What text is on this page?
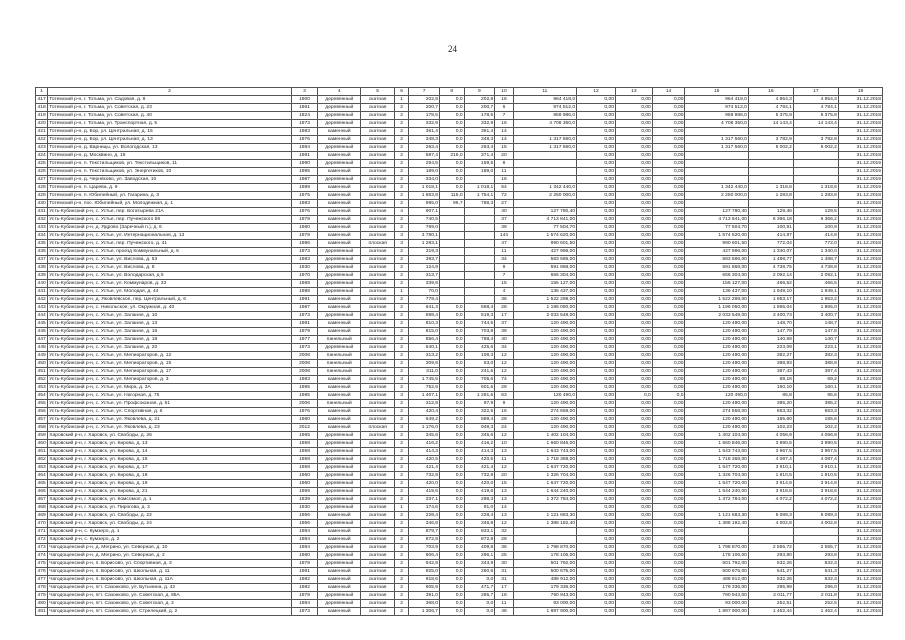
24
1	2	3	4	5	6	7	8	9	10	11	12	13	14	15	16	17	18
417	Тотемский р-н, г. Тотьма, ул. Садовая, д. 8	1900	деревянный	скатная	1	202,8	0,0	202,8	16	964 418,0	0,00	0,00	0,00	964 418,0	4 854,3	4 854,3	31.12.2018
418	Тотемский р-н, г. Тотьма, ул. Советская, д. 23	1861	деревянный	скатная	2	200,7	0,0	200,7	6	974 512,0	0,00	0,00	0,00	974 512,0	4 784,1	4 784,1	31.12.2018
419	Тотемский р-н, г. Тотьма, ул. Советская, д. 40	1824	деревянный	скатная	2	178,5	0,0	178,5	7	959 986,0	0,00	0,00	0,00	959 986,0	5 375,9	5 375,9	31.12.2018
420	Тотемский р-н, г. Тотьма, ул. Транспортная, д. 5	1973	деревянный	скатная	2	332,9	0,0	332,9	16	4 708 350,0	0,00	0,00	0,00	4 708 350,0	14 143,4	14 143,4	31.12.2018
421	Тотемский р-н, д. Бор, ул. Центральная, д. 15	1983	каменный	скатная	2	361,4	0,0	361,4	14		0,00	0,00	0,00				31.12.2018
422	Тотемский р-н, д. Бор, ул. Центральная, д. 13	1976	каменный	скатная	2	348,3	0,0	348,3	14	1 317 560,0	0,00	0,00	0,00	1 317 560,0	3 782,9	3 782,9	31.12.2018
423	Тотемский р-н, д. Варницы, ул. Вологодская, 13	1984	деревянный	скатная	2	263,4	0,0	263,4	15	1 317 560,0	0,00	0,00	0,00	1 317 560,0	5 002,2	5 002,2	31.12.2018
424	Тотемский р-н, д. Москвино, д. 18	1981	каменный	скатная	2	587,4	216,0	371,4	20		0,00	0,00	0,00				31.12.2018
425	Тотемский р-н, п. Текстильщиков, ул. Текстильщиков, 11	1990	деревянный	скатная	2	294,5	0,0	159,5	8		0,00	0,00	0,00				31.12.2019
426	Тотемский р-н, п. Текстильщиков, ул. Энергетиков, 10	1995	каменный	скатная	2	189,0	0,0	189,0	11		0,00	0,00	0,00				31.12.2019
427	Тотемский р-н, д. Черняково, ул. Заводская, 10	1987	деревянный	скатная	2	334,0	0,0		16		0,00	0,00	0,00				31.12.2019
428	Тотемский р-н, п. Царева, д. 9	1989	каменный	скатная	2	1 018,1	0,0	1 018,1	54	1 342 440,0	0,00	0,00	0,00	1 342 440,0	1 318,6	1 318,6	31.12.2019
429	Тотемский р-н, п. Юбилейный, ул. Гагарина, д. 3	1975	каменный	скатная	2	1 863,8	115,0	1 754,1	72	2 250 000,0	0,00	0,00	0,00	2 250 000,0	1 283,8	1 283,8	31.12.2018
430	Тотемский р-н, пос. Юбилейный, ул. Молодежная, д. 1	1983	каменный	скатная	2	985,0	96,7	788,3	27		0,00	0,00	0,00				31.12.2018
431	Усть-Кубинский р-н, с. Устье, пер. Богатырева 21А	1976	каменный	скатная	4	907,1			40	127 780,40	0,00	0,00	0,00	127 780,40	129,46	129,5	31.12.2018
432	Усть-Кубинский р-н, с. Устье, пер. Пучежского 59	1978	каменный	скатная	2	740,5			37	4 713 841,00	0,00	0,00	0,00	4 713 841,00	6 366,18	6 366,2	31.12.2018
433	Усть-Кубинский р-н, д. Ядрово (Заречный п.), д. 6	1980	каменный	скатная	2	769,0			39	77 504,70	0,00	0,00	0,00	77 504,70	100,91	100,9	31.12.2018
434	Усть-Кубинский р-н, с. Устье, ул. Интернациональная, д. 13	1978	каменный	скатная	3	3 780,1			144	1 574 620,00	0,00	0,00	0,00	1 574 620,00	414,87	414,9	31.12.2018
435	Усть-Кубинский р-н, с. Устье, пер. Пучежского, д. 41	1986	каменный	плоская	3	1 283,1			47	990 601,50	0,00	0,00	0,00	990 601,50	772,04	772,0	31.12.2018
436	Усть-Кубинский р-н, с. Устье, проезд Коммунальный, д. 6	1973	деревянный	скатная	2	319,3			11	427 996,00	0,00	0,00	0,00	427 996,00	1 340,07	1 340,0	31.12.2018
437	Усть-Кубинский р-н, с. Устье, ул. Вислова, д. 53	1983	деревянный	скатная	2	393,7			34	583 586,00	0,00	0,00	0,00	583 586,00	1 488,77	1 488,7	31.12.2018
438	Усть-Кубинский р-н, с. Устье, ул. Вислова, д. 8	1930	деревянный	скатная	2	124,9			9	591 868,00	0,00	0,00	0,00	591 868,00	4 738,75	4 738,8	31.12.2018
439	Усть-Кубинский р-н, с. Устье, ул. Володарская, д 5	1970	деревянный	скатная	2	313,7			7	656 304,00	0,00	0,00	0,00	656 304,00	2 092,14	2 092,1	31.12.2018
440	Усть-Кубинский р-н, с. Устье, ул. Коммунаров, д. 33	1968	деревянный	скатная	2	339,8			15	155 127,00	0,00	0,00	0,00	155 127,00	466,52	466,5	31.12.2018
441	Усть-Кубинский р-н, с. Устье, ул. Молодая, д. 44	1988	деревянный	скатная	1	70,0			4	136 437,00	0,00	0,00	0,00	136 437,00	1 949,10	1 949,1	31.12.2018
442	Усть-Кубинский р-н, д. Яковлевское, пер. Центральный, д. 6	1991	каменный	скатная	2	779,4			36	1 522 298,00	0,00	0,00	0,00	1 522 298,00	1 953,17	1 953,2	31.12.2018
443	Усть-Кубинский р-н, с. Никольское, ул. Окружная, д. 40	1987	каменный	скатная	2	641,3	0,0	568,4	28	1 196 050,00	0,00	0,00	0,00	1 196 050,00	1 865,04	1 865,0	31.12.2018
444	Усть-Кубинский р-н, с. Устье, ул. Заланая, д. 10	1973	деревянный	скатная	2	598,4	0,0	519,3	17	2 033 548,00	0,00	0,00	0,00	2 033 548,00	3 400,73	3 400,7	31.12.2018
445	Усть-Кубинский р-н, с. Устье, ул. Заланая, д. 13	1981	каменный	скатная	2	810,3	0,0	744,5	37	120 490,00	0,00	0,00	0,00	120 490,00	148,70	148,7	31.12.2018
446	Усть-Кубинский р-н, с. Устье, ул. Заланая, д. 16	1979	каменный	скатная	2	815,0	0,0	703,8	39	120 490,00	0,00	0,00	0,00	120 490,00	147,79	147,8	31.12.2018
447	Усть-Кубинский р-н, с. Устье, ул. Заланая, д. 18	1977	панельный	скатная	2	856,4	0,0	788,4	40	120 490,00	0,00	0,00	0,00	120 490,00	140,69	140,7	31.12.2018
448	Усть-Кубинский р-н, с. Устье, ул. Заланая, д. 20	1973	деревянный	скатная	2	540,1	0,0	425,6	34	120 490,00	0,00	0,00	0,00	120 490,00	223,09	223,1	31.12.2018
449	Усть-Кубинский р-н, с. Устье, ул. Мелиораторов, д. 12	2008	панельный	скатная	2	313,2	0,0	108,3	12	120 490,00	0,00	0,00	0,00	120 490,00	382,27	382,3	31.12.2018
450	Усть-Кубинский р-н, с. Устье, ул. Мелиораторов, д. 15	2008	панельный	скатная	2	309,8	0,0	53,0	12	120 490,00	0,00	0,00	0,00	120 490,00	388,93	388,9	31.12.2018
451	Усть-Кубинский р-н, с. Устье, ул. Мелиораторов, д. 17	2008	панельный	скатная	2	311,0	0,0	241,6	12	120 490,00	0,00	0,00	0,00	120 490,00	387,43	387,4	31.12.2018
452	Усть-Кубинский р-н, с. Устье, ул. Мелиораторов, д. 3	1983	каменный	скатная	3	1 745,5	0,0	705,6	74	120 490,00	0,00	0,00	0,00	120 490,00	69,18	69,2	31.12.2018
453	Усть-Кубинский р-н, с. Устье, ул. Мира, д. 3А	1995	каменный	скатная	2	752,6	0,0	601,6	29	120 490,00	0,00	0,00	0,00	120 490,00	160,10	160,1	31.12.2018
454	Усть-Кубинский р-н, с. Устье, ул. Нагорная, д. 75	1985	каменный	скатная	3	1 407,1	0,0	1 281,6	63	120 490,0	0,00	0,0	0,0	120 490,0	85,8	85,6	31.12.2018
455	Усть-Кубинский р-н, с. Устье, ул. Профсоюзная, д. 51	2006	панельный	скатная	2	312,8	0,0	97,9	9	120 490,00	0,00	0,00	0,00	120 490,00	385,20	385,2	31.12.2018
456	Усть-Кубинский р-н, с. Устье, ул. Спортивная, д. 6	1976	каменный	скатная	2	420,4	0,0	322,5	16	274 658,00	0,00	0,00	0,00	274 658,00	653,32	653,3	31.12.2018
457	Усть-Кубинский р-н, с. Устье, ул. Яковлева, д. 21	1980	каменный	скатная	2	649,2	0,0	589,4	29	120 490,00	0,00	0,00	0,00	120 490,00	185,60	185,6	31.12.2018
458	Усть-Кубинский р-н, с. Устье, ул. Яковлева, д. 23	2012	каменный	плоская	3	1 176,0	0,0	949,3	24	120 490,00	0,00	0,00	0,00	120 490,00	102,23	102,2	31.12.2018
459	Харовский р-н, г. Харовск, ул. Свободы, д. 26	1965	деревянный	скатная	2	345,6	0,0	345,6	12	1 402 104,00	0,00	0,00	0,00	1 402 104,00	4 056,9	4 056,9	31.12.2018
460	Харовский р-н, г. Харовск, ул. Кирова, д. 13	1958	деревянный	скатная	2	416,2	0,0	416,2	10	1 660 846,00	0,00	0,00	0,00	1 660 846,00	3 990,5	3 990,5	31.12.2018
461	Харовский р-н, г. Харовск, ул. Кирова, д. 14	1958	деревянный	скатная	2	414,3	0,0	414,3	13	1 643 743,00	0,00	0,00	0,00	1 643 743,00	3 967,5	3 967,5	31.12.2018
462	Харовский р-н, г. Харовск, ул. Кирова, д. 15	1958	деревянный	скатная	2	420,5	0,0	420,5	11	1 718 368,00	0,00	0,00	0,00	1 718 368,00	4 087,4	4 087,4	31.12.2018
463	Харовский р-н, г. Харовск, ул. Кирова, д. 17	1958	деревянный	скатная	2	421,4	0,0	421,4	12	1 647 720,00	0,00	0,00	0,00	1 647 720,00	3 910,1	3 910,1	31.12.2018
464	Харовский р-н, г. Харовск, ул. Кирова, д. 18	1960	деревянный	скатная	2	732,8	0,0	732,8	20	1 326 704,00	0,00	0,00	0,00	1 326 704,00	1 810,5	1 810,5	31.12.2018
465	Харовский р-н, г. Харовск, ул. Кирова, д. 19	1960	деревянный	скатная	2	420,0	0,0	420,0	15	1 647 720,00	0,00	0,00	0,00	1 647 720,00	3 914,9	3 914,9	31.12.2018
466	Харовский р-н, г. Харовск, ул. Кирова, д. 21	1959	деревянный	скатная	2	419,6	0,0	419,6	13	1 644 240,00	0,00	0,00	0,00	1 644 240,00	3 918,6	3 918,6	31.12.2018
467	Харовский р-н, г. Харовск, ул. Комсомол, д. 1	1939	деревянный	скатная	2	337,1	0,0	298,3	13	1 372 784,00	0,00	0,00	0,00	1 372 784,00	4 072,2	4 072,2	31.12.2018
468	Харовский р-н, г. Харовск, ул. Пирогова, д. 3	1930	деревянный	скатная	1	174,6	0,0	91,0	14		0,00	0,00	0,00				31.12.2018
469	Харовский р-н, г. Харовск, ул. Свободы, д. 22	1956	каменный	скатная	2	228,4	0,0	228,4	13	1 121 683,30	0,00	0,00	0,00	1 121 683,30	5 089,3	5 089,3	31.12.2018
470	Харовский р-н, г. Харовск, ул. Свободы, д. 24	1956	деревянный	скатная	2	346,8	0,0	346,8	12	1 388 182,40	0,00	0,00	0,00	1 388 182,40	4 002,8	4 002,8	31.12.2018
471	Харовский р-н, с. Кумзеро, д. 1	1984	каменный	скатная	2	879,7	0,0	833,1	32		0,00	0,00	0,00				31.12.2018
472	Харовский р-н, с. Кумзеро, д. 2	1984	каменный	скатная	2	872,8	0,0	872,8	29		0,00	0,00	0,00				31.12.2018
473	Чагодощенский р-н, д. Мегрино, ул. Северная, д. 10	1984	деревянный	скатная	2	703,9	0,0	409,8	36	1 798 870,00	0,00	0,00	0,00	1 798 870,00	2 555,72	2 555,7	31.12.2018
474	Чагодощенский р-н, д. Мегрино, ул. Северная, д. 2	1980	деревянный	скатная	2	606,4	0,0	296,1	25	178 106,00	0,00	0,00	0,00	178 106,00	293,80	293,8	31.12.2018
475	Чагодощенский р-н, п. Борисово, ул. Спортивная, д. 3	1978	деревянный	скатная	2	942,8	0,0	343,9	30	501 792,00	0,00	0,00	0,00	501 792,00	532,26	532,3	31.12.2018
476	Чагодощенский р-н, п. Борисово, ул. Школьная, д. 11	1981	каменный	скатная	2	925,0	0,0	260,6	31	500 675,00	0,00	0,00	0,00	500 675,00	541,27	541,3	31.12.2018
477	Чагодощенский р-н, п. Борисово, ул. Школьная, д. 11А	1982	каменный	скатная	2	918,6	0,0	0,0	31	488 912,00	0,00	0,00	0,00	488 912,00	532,26	532,3	31.12.2018
478	Чагодощенский р-н, пгт. Сазонково, ул. Бутынина, д. 42	1982	каменный	скатная	2	605,9	0,0	471,7	17	179 336,00	0,00	0,00	0,00	179 336,00	295,99	296,0	31.12.2018
479	Чагодощенский р-н, пгт. Сазонково, ул. Советская, д. 85А	1978	деревянный	скатная	2	391,0	0,0	285,7	18	790 943,00	0,00	0,00	0,00	790 943,00	2 011,77	2 011,8	31.12.2018
480	Чагодощенский р-н, пгт. Сазонково, ул. Советская, д. 2	1984	деревянный	скатная	2	368,0	0,0	0,0	11	93 000,00	0,00	0,00	0,00	93 000,00	252,51	252,5	31.12.2018
481	Чагодощенский р-н, пгт. Сазонково, ул. Стрелецкий, д. 2	1973	каменный	скатная	2	1 306,7	0,0	0,0	48	1 897 900,00	0,00	0,00	0,00	1 897 900,00	1 452,44	1 452,4	31.12.2018
